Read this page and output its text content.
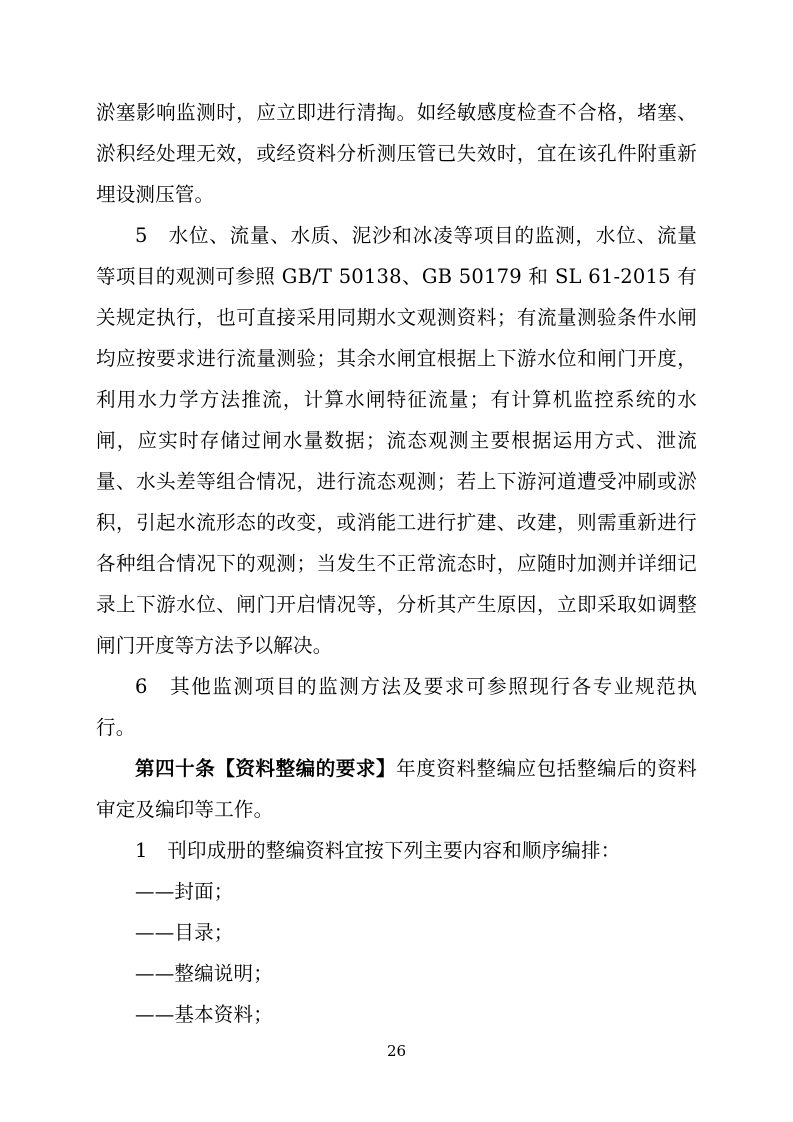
淤塞影响监测时，应立即进行清掏。如经敏感度检查不合格，堵塞、淤积经处理无效，或经资料分析测压管已失效时，宜在该孔件附重新埋设测压管。

5　水位、流量、水质、泥沙和冰凌等项目的监测，水位、流量等项目的观测可参照 GB/T 50138、GB 50179 和 SL 61-2015 有关规定执行，也可直接采用同期水文观测资料；有流量测验条件水闸均应按要求进行流量测验；其余水闸宜根据上下游水位和闸门开度，利用水力学方法推流，计算水闸特征流量；有计算机监控系统的水闸，应实时存储过闸水量数据；流态观测主要根据运用方式、泄流量、水头差等组合情况，进行流态观测；若上下游河道遭受冲刷或淤积，引起水流形态的改变，或消能工进行扩建、改建，则需重新进行各种组合情况下的观测；当发生不正常流态时，应随时加测并详细记录上下游水位、闸门开启情况等，分析其产生原因，立即采取如调整闸门开度等方法予以解决。

6　其他监测项目的监测方法及要求可参照现行各专业规范执行。

第四十条【资料整编的要求】年度资料整编应包括整编后的资料审定及编印等工作。

1　刊印成册的整编资料宜按下列主要内容和顺序编排：

——封面；

——目录；

——整编说明；

——基本资料；

26
